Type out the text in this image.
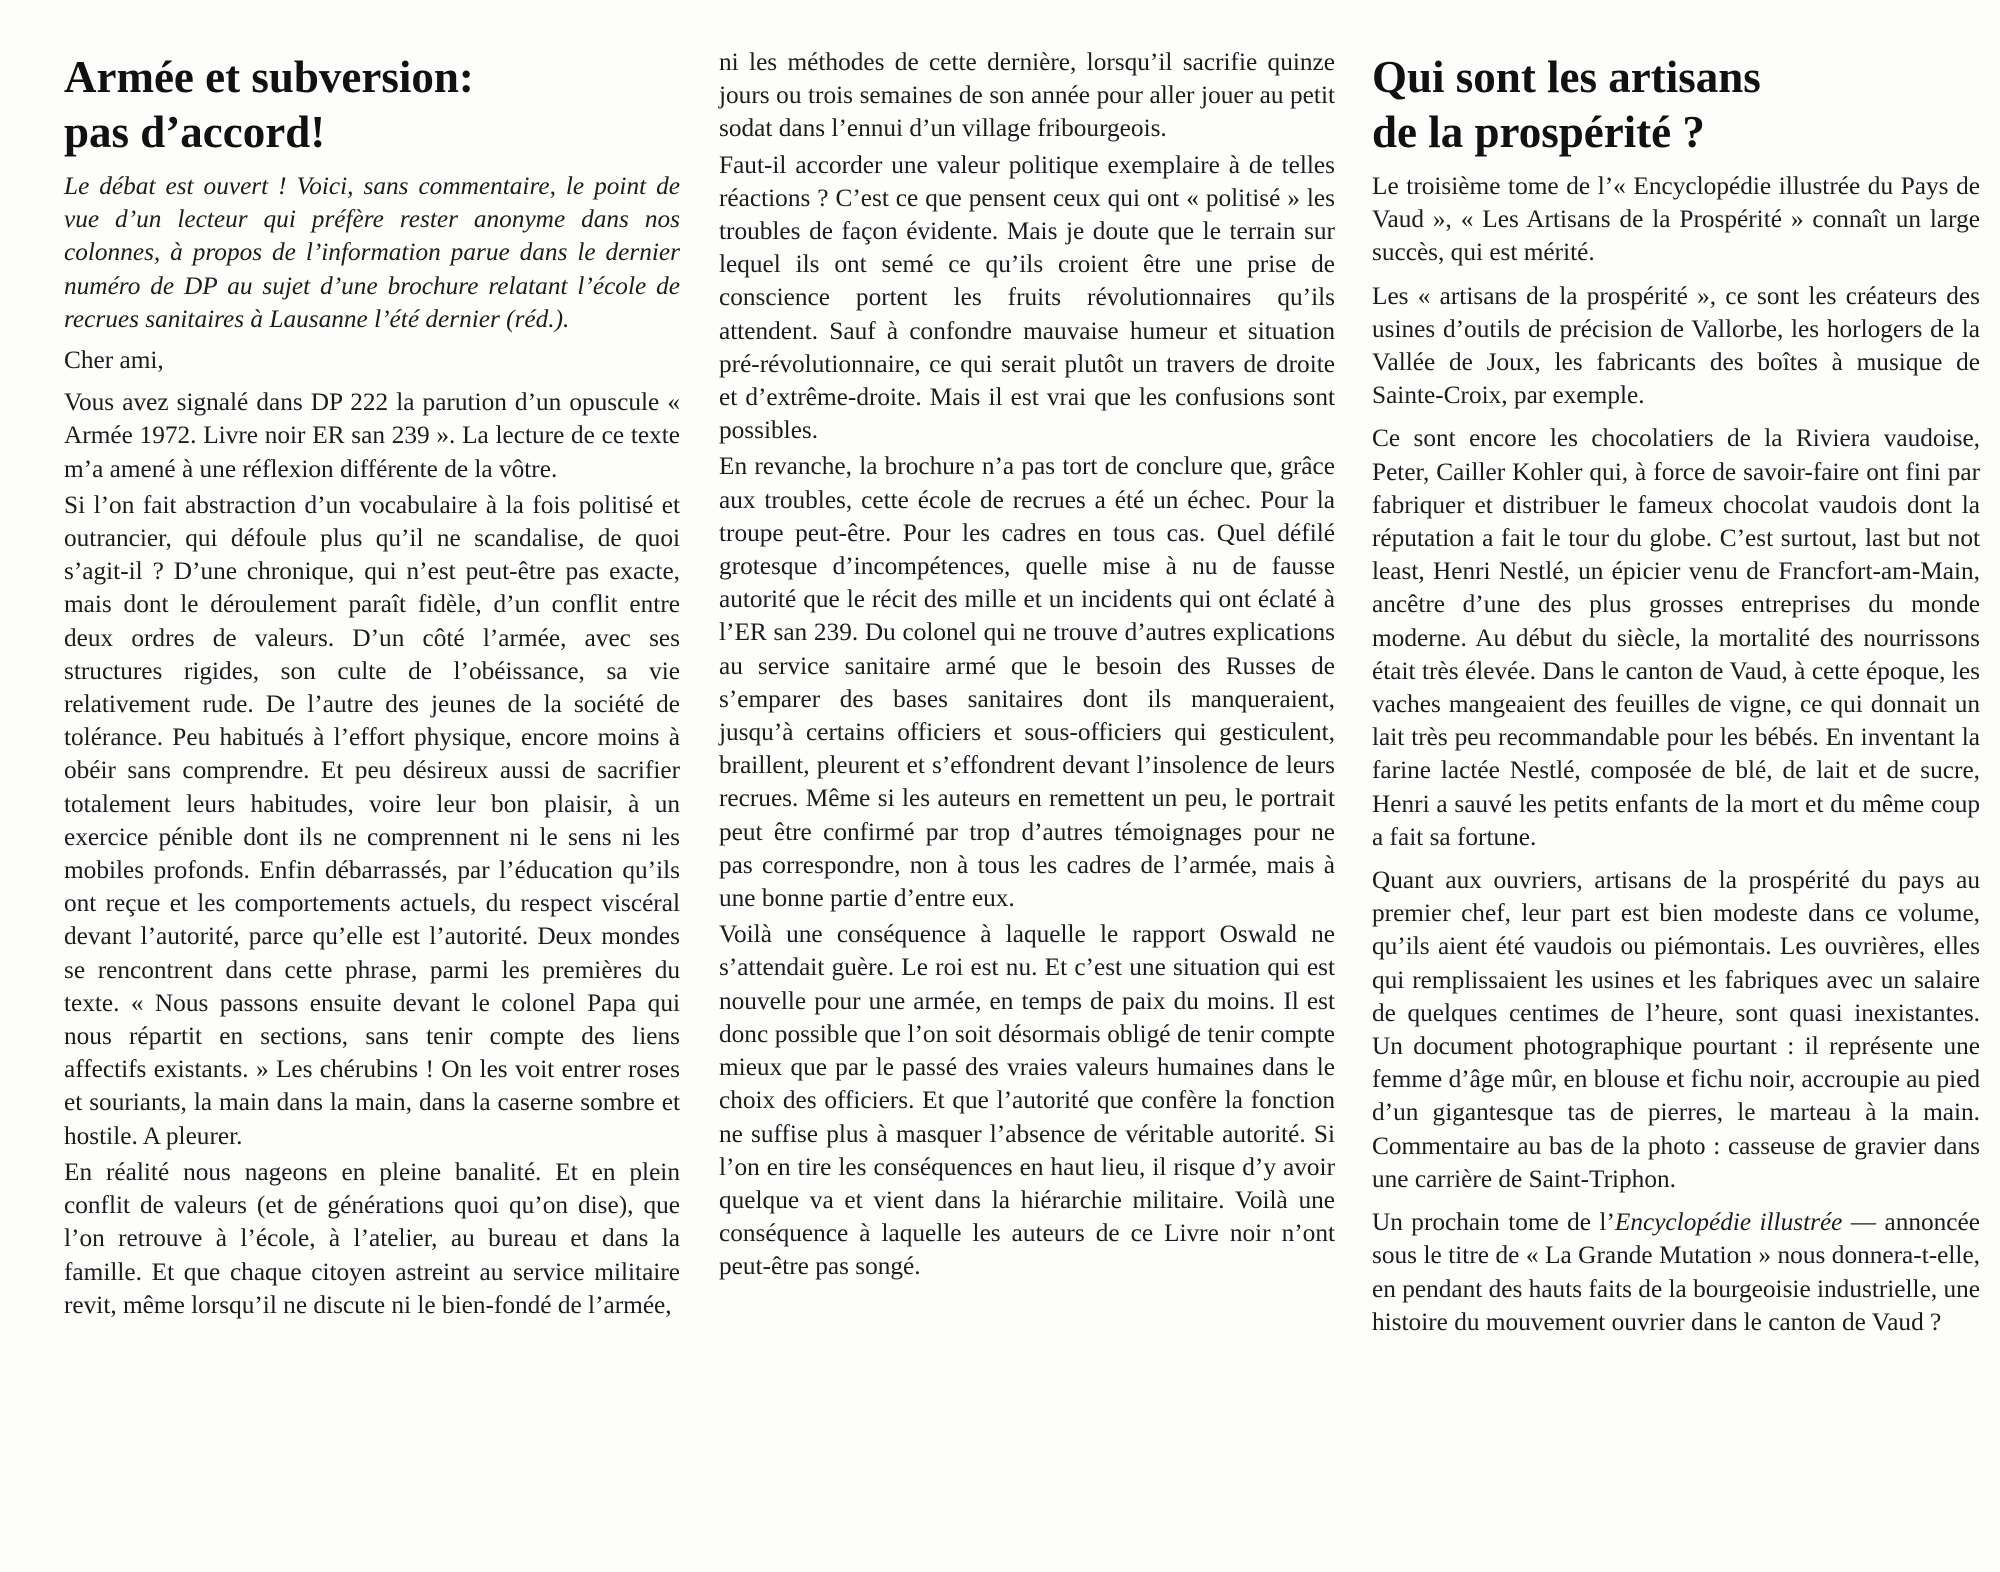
Armée et subversion:
pas d’accord!

Le débat est ouvert ! Voici, sans commentaire, le point de vue d’un lecteur qui préfère rester anonyme dans nos colonnes, à propos de l’information parue dans le dernier numéro de DP au sujet d’une brochure relatant l’école de recrues sanitaires à Lausanne l’été dernier (réd.).

Cher ami,

Vous avez signalé dans DP 222 la parution d’un opuscule « Armée 1972. Livre noir ER san 239 ». La lecture de ce texte m’a amené à une réflexion différente de la vôtre.

Si l’on fait abstraction d’un vocabulaire à la fois politisé et outrancier, qui défoule plus qu’il ne scandalise, de quoi s’agit-il ? D’une chronique, qui n’est peut-être pas exacte, mais dont le déroulement paraît fidèle, d’un conflit entre deux ordres de valeurs. D’un côté l’armée, avec ses structures rigides, son culte de l’obéissance, sa vie relativement rude. De l’autre des jeunes de la société de tolérance. Peu habitués à l’effort physique, encore moins à obéir sans comprendre. Et peu désireux aussi de sacrifier totalement leurs habitudes, voire leur bon plaisir, à un exercice pénible dont ils ne comprennent ni le sens ni les mobiles profonds. Enfin débarrassés, par l’éducation qu’ils ont reçue et les comportements actuels, du respect viscéral devant l’autorité, parce qu’elle est l’autorité. Deux mondes se rencontrent dans cette phrase, parmi les premières du texte. « Nous passons ensuite devant le colonel Papa qui nous répartit en sections, sans tenir compte des liens affectifs existants. » Les chérubins ! On les voit entrer roses et souriants, la main dans la main, dans la caserne sombre et hostile. A pleurer.

En réalité nous nageons en pleine banalité. Et en plein conflit de valeurs (et de générations quoi qu’on dise), que l’on retrouve à l’école, à l’atelier, au bureau et dans la famille. Et que chaque citoyen astreint au service militaire revit, même lorsqu’il ne discute ni le bien-fondé de l’armée,

ni les méthodes de cette dernière, lorsqu’il sacrifie quinze jours ou trois semaines de son année pour aller jouer au petit sodat dans l’ennui d’un village fribourgeois.

Faut-il accorder une valeur politique exemplaire à de telles réactions ? C’est ce que pensent ceux qui ont « politisé » les troubles de façon évidente. Mais je doute que le terrain sur lequel ils ont semé ce qu’ils croient être une prise de conscience portent les fruits révolutionnaires qu’ils attendent. Sauf à confondre mauvaise humeur et situation pré-révolutionnaire, ce qui serait plutôt un travers de droite et d’extrême-droite. Mais il est vrai que les confusions sont possibles.

En revanche, la brochure n’a pas tort de conclure que, grâce aux troubles, cette école de recrues a été un échec. Pour la troupe peut-être. Pour les cadres en tous cas. Quel défilé grotesque d’incompétences, quelle mise à nu de fausse autorité que le récit des mille et un incidents qui ont éclaté à l’ER san 239. Du colonel qui ne trouve d’autres explications au service sanitaire armé que le besoin des Russes de s’emparer des bases sanitaires dont ils manqueraient, jusqu’à certains officiers et sous-officiers qui gesticulent, braillent, pleurent et s’effondrent devant l’insolence de leurs recrues. Même si les auteurs en remettent un peu, le portrait peut être confirmé par trop d’autres témoignages pour ne pas correspondre, non à tous les cadres de l’armée, mais à une bonne partie d’entre eux.

Voilà une conséquence à laquelle le rapport Oswald ne s’attendait guère. Le roi est nu. Et c’est une situation qui est nouvelle pour une armée, en temps de paix du moins. Il est donc possible que l’on soit désormais obligé de tenir compte mieux que par le passé des vraies valeurs humaines dans le choix des officiers. Et que l’autorité que confère la fonction ne suffise plus à masquer l’absence de véritable autorité. Si l’on en tire les conséquences en haut lieu, il risque d’y avoir quelque va et vient dans la hiérarchie militaire. Voilà une conséquence à laquelle les auteurs de ce Livre noir n’ont peut-être pas songé.

Qui sont les artisans
de la prospérité ?

Le troisième tome de l’« Encyclopédie illustrée du Pays de Vaud », « Les Artisans de la Prospérité » connaît un large succès, qui est mérité.

Les « artisans de la prospérité », ce sont les créateurs des usines d’outils de précision de Vallorbe, les horlogers de la Vallée de Joux, les fabricants des boîtes à musique de Sainte-Croix, par exemple.

Ce sont encore les chocolatiers de la Riviera vaudoise, Peter, Cailler Kohler qui, à force de savoir-faire ont fini par fabriquer et distribuer le fameux chocolat vaudois dont la réputation a fait le tour du globe. C’est surtout, last but not least, Henri Nestlé, un épicier venu de Francfort-am-Main, ancêtre d’une des plus grosses entreprises du monde moderne. Au début du siècle, la mortalité des nourrissons était très élevée. Dans le canton de Vaud, à cette époque, les vaches mangeaient des feuilles de vigne, ce qui donnait un lait très peu recommandable pour les bébés. En inventant la farine lactée Nestlé, composée de blé, de lait et de sucre, Henri a sauvé les petits enfants de la mort et du même coup a fait sa fortune.

Quant aux ouvriers, artisans de la prospérité du pays au premier chef, leur part est bien modeste dans ce volume, qu’ils aient été vaudois ou piémontais. Les ouvrières, elles qui remplissaient les usines et les fabriques avec un salaire de quelques centimes de l’heure, sont quasi inexistantes. Un document photographique pourtant : il représente une femme d’âge mûr, en blouse et fichu noir, accroupie au pied d’un gigantesque tas de pierres, le marteau à la main. Commentaire au bas de la photo : casseuse de gravier dans une carrière de Saint-Triphon.

Un prochain tome de l’Encyclopédie illustrée — annoncée sous le titre de « La Grande Mutation » nous donnera-t-elle, en pendant des hauts faits de la bourgeoisie industrielle, une histoire du mouvement ouvrier dans le canton de Vaud ?
